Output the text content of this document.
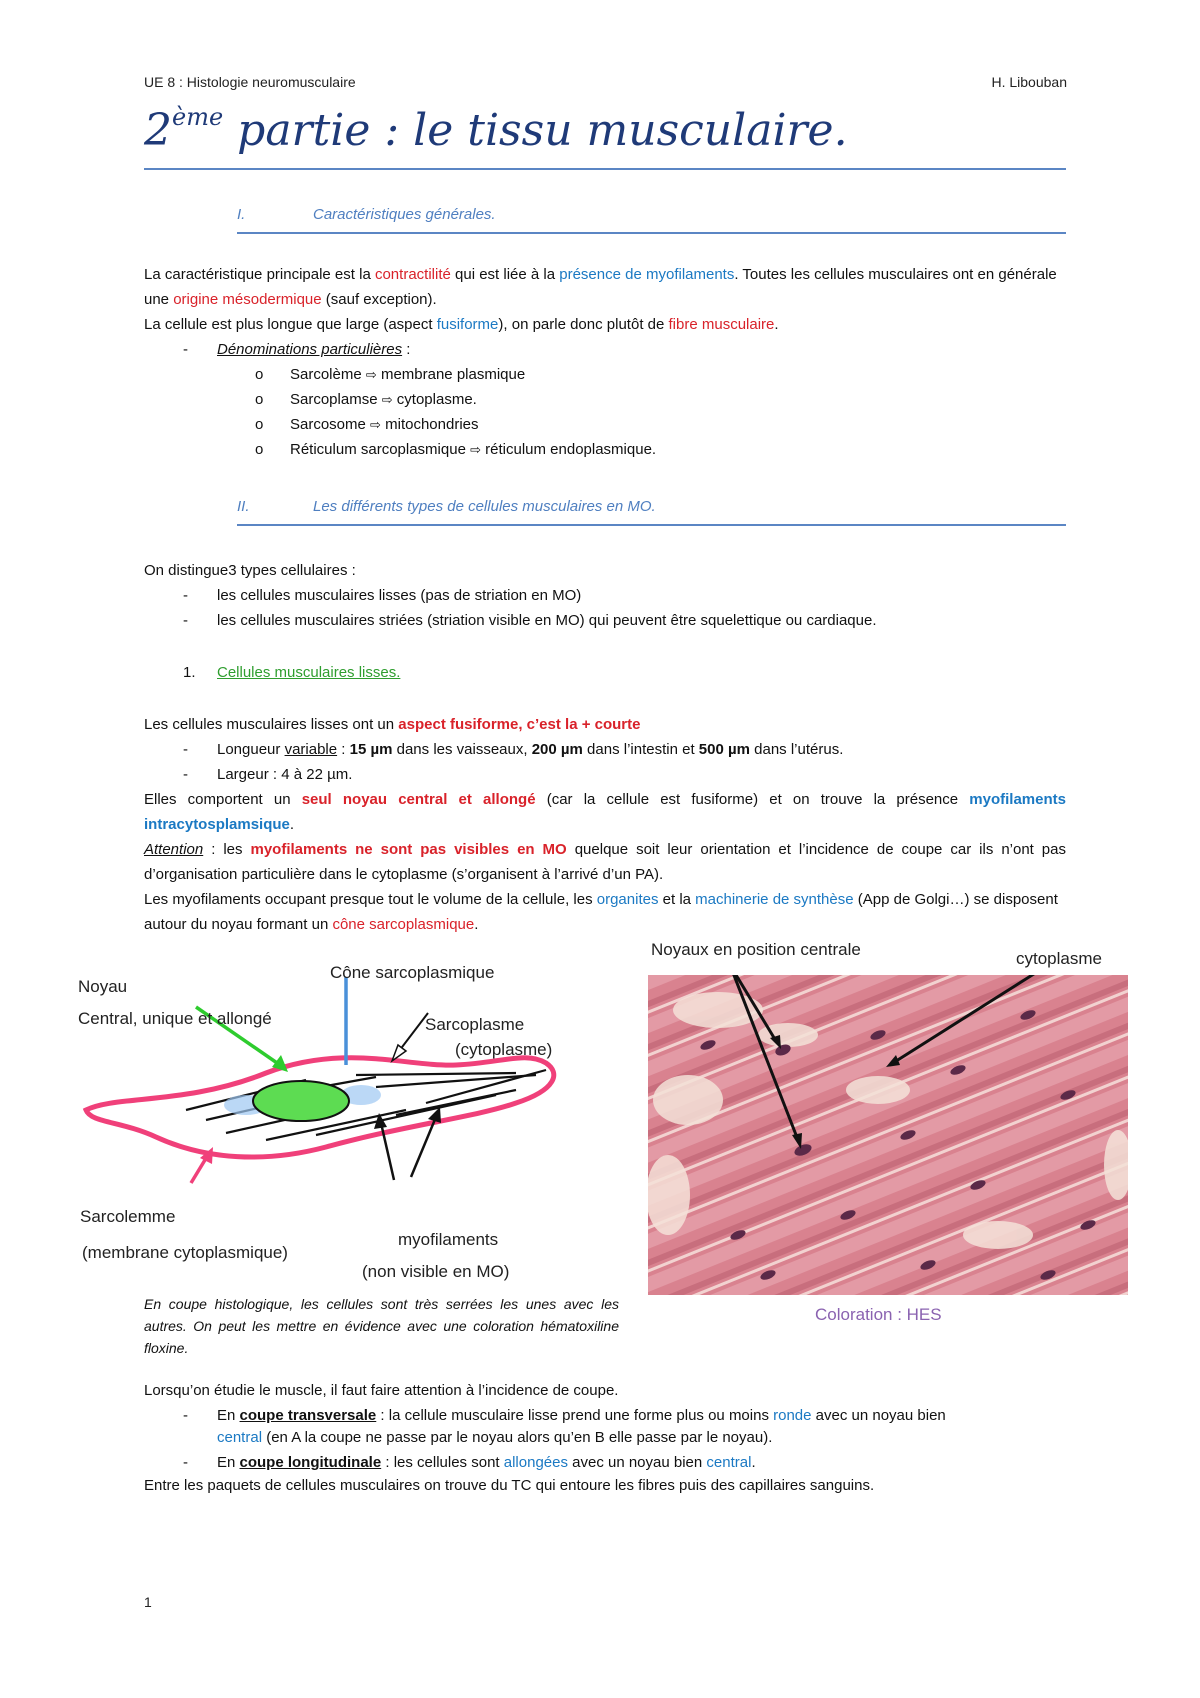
UE 8 : Histologie neuromusculaire	H. Libouban
2ème partie : le tissu musculaire.
I.	Caractéristiques générales.
La caractéristique principale est la contractilité qui est liée à la présence de myofilaments. Toutes les cellules musculaires ont en générale une origine mésodermique (sauf exception).
La cellule est plus longue que large (aspect fusiforme), on parle donc plutôt de fibre musculaire.
- Dénominations particulières :
o Sarcolème ⇨ membrane plasmique
o Sarcoplamse ⇨ cytoplasme.
o Sarcosome ⇨ mitochondries
o Réticulum sarcoplasmique ⇨ réticulum endoplasmique.
II.	Les différents types de cellules musculaires en MO.
On distingue3 types cellulaires :
- les cellules musculaires lisses (pas de striation en MO)
- les cellules musculaires striées (striation visible en MO) qui peuvent être squelettique ou cardiaque.
1. Cellules musculaires lisses.
Les cellules musculaires lisses ont un aspect fusiforme, c’est la + courte
- Longueur variable : 15 µm dans les vaisseaux, 200 µm dans l’intestin et 500 µm dans l’utérus.
- Largeur : 4 à 22 µm.
Elles comportent un seul noyau central et allongé (car la cellule est fusiforme) et on trouve la présence myofilaments intracytosplamsique.
Attention : les myofilaments ne sont pas visibles en MO quelque soit leur orientation et l’incidence de coupe car ils n’ont pas d’organisation particulière dans le cytoplasme (s’organisent à l’arrivé d’un PA).
Les myofilaments occupant presque tout le volume de la cellule, les organites et la machinerie de synthèse (App de Golgi…) se disposent autour du noyau formant un cône sarcoplasmique.
Noyau
Central, unique et allongé
Cône sarcoplasmique
Sarcoplasme
(cytoplasme)
Sarcolemme
(membrane cytoplasmique)
myofilaments
(non visible en MO)
Noyaux en position centrale	cytoplasme
Coloration : HES
En coupe histologique, les cellules sont très serrées les unes avec les autres. On peut les mettre en évidence avec une coloration hématoxiline floxine.
Lorsqu’on étudie le muscle, il faut faire attention à l’incidence de coupe.
- En coupe transversale : la cellule musculaire lisse prend une forme plus ou moins ronde avec un noyau bien
central (en A la coupe ne passe par le noyau alors qu’en B elle passe par le noyau).
- En coupe longitudinale : les cellules sont allongées avec un noyau bien central.
Entre les paquets de cellules musculaires on trouve du TC qui entoure les fibres puis des capillaires sanguins.
1
